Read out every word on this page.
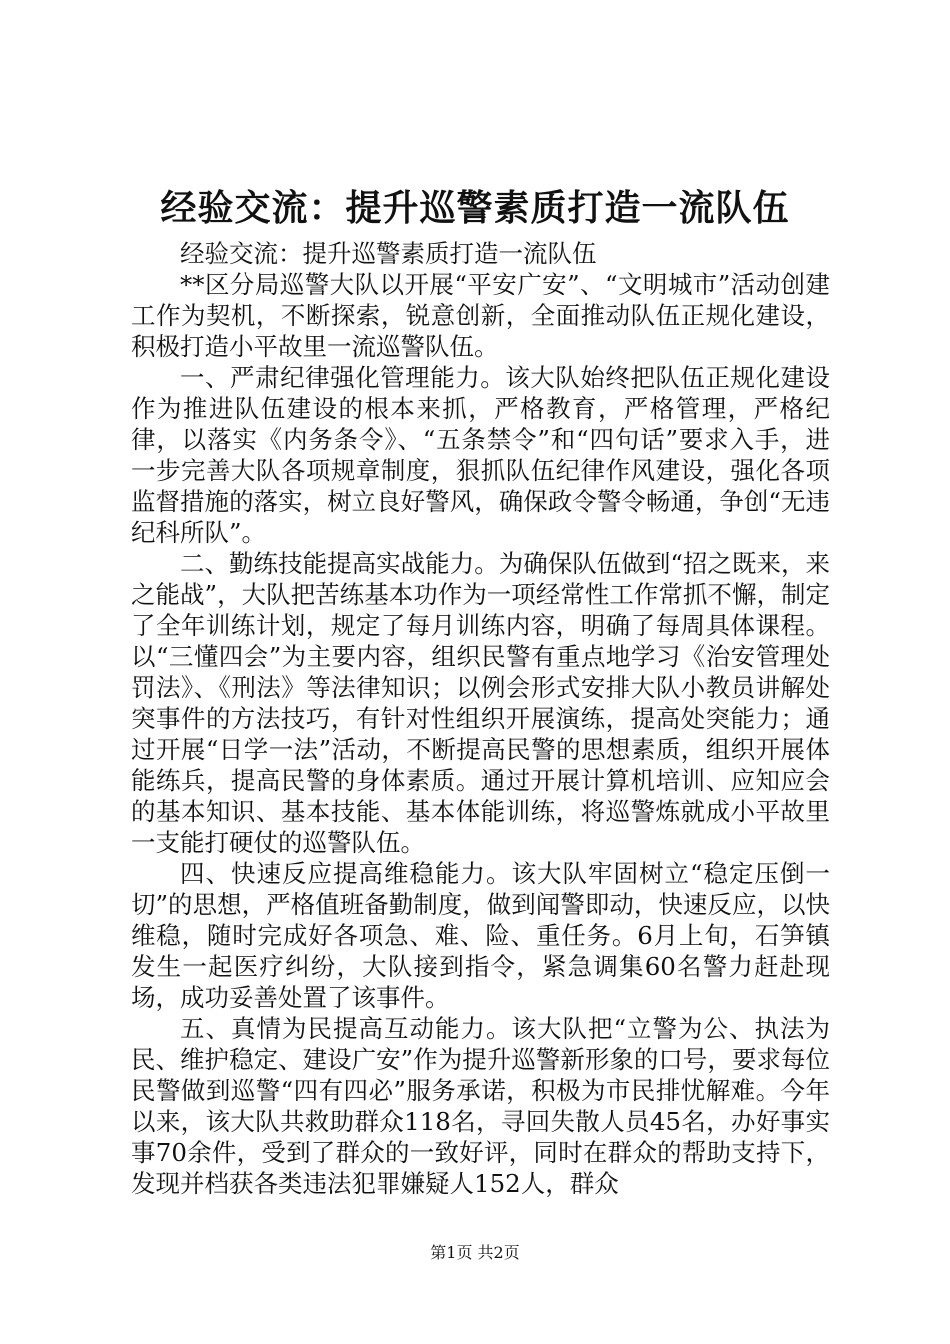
经验交流：提升巡警素质打造一流队伍

经验交流：提升巡警素质打造一流队伍

**区分局巡警大队以开展“平安广安”、“文明城市”活动创建工作为契机，不断探索，锐意创新，全面推动队伍正规化建设，积极打造小平故里一流巡警队伍。

一、严肃纪律强化管理能力。该大队始终把队伍正规化建设作为推进队伍建设的根本来抓，严格教育，严格管理，严格纪律，以落实《内务条令》、“五条禁令”和“四句话”要求入手，进一步完善大队各项规章制度，狠抓队伍纪律作风建设，强化各项监督措施的落实，树立良好警风，确保政令警令畅通，争创“无违纪科所队”。

二、勤练技能提高实战能力。为确保队伍做到“招之既来，来之能战”，大队把苦练基本功作为一项经常性工作常抓不懈，制定了全年训练计划，规定了每月训练内容，明确了每周具体课程。以“三懂四会”为主要内容，组织民警有重点地学习《治安管理处罚法》、《刑法》等法律知识；以例会形式安排大队小教员讲解处突事件的方法技巧，有针对性组织开展演练，提高处突能力；通过开展“日学一法”活动，不断提高民警的思想素质，组织开展体能练兵，提高民警的身体素质。通过开展计算机培训、应知应会的基本知识、基本技能、基本体能训练，将巡警炼就成小平故里一支能打硬仗的巡警队伍。

四、快速反应提高维稳能力。该大队牢固树立“稳定压倒一切”的思想，严格值班备勤制度，做到闻警即动，快速反应，以快维稳，随时完成好各项急、难、险、重任务。6月上旬，石笋镇发生一起医疗纠纷，大队接到指令，紧急调集60名警力赶赴现场，成功妥善处置了该事件。

五、真情为民提高互动能力。该大队把“立警为公、执法为民、维护稳定、建设广安”作为提升巡警新形象的口号，要求每位民警做到巡警“四有四必”服务承诺，积极为市民排忧解难。今年以来，该大队共救助群众118名，寻回失散人员45名，办好事实事70余件，受到了群众的一致好评，同时在群众的帮助支持下，发现并档获各类违法犯罪嫌疑人152人，群众

第1页 共2页
